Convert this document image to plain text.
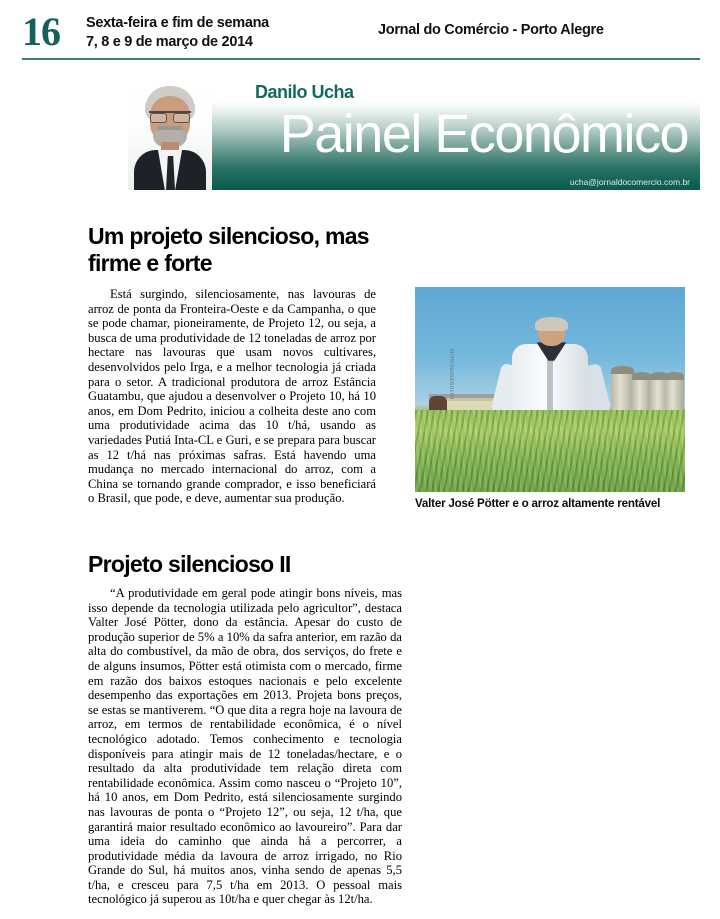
16	Sexta-feira e fim de semana
7, 8 e 9 de março de 2014
Jornal do Comércio - Porto Alegre
Danilo Ucha
Painel Econômico
ucha@jornaldocomercio.com.br
Um projeto silencioso, mas firme e forte
Está surgindo, silenciosamente, nas lavouras de arroz de ponta da Fronteira-Oeste e da Campanha, o que se pode chamar, pioneiramente, de Projeto 12, ou seja, a busca de uma produtividade de 12 toneladas de arroz por hectare nas lavouras que usam novos cultivares, desenvolvidos pelo Irga, e a melhor tecnologia já criada para o setor. A tradicional produtora de arroz Estância Guatambu, que ajudou a desenvolver o Projeto 10, há 10 anos, em Dom Pedrito, iniciou a colheita deste ano com uma produtividade acima das 10 t/há, usando as variedades Putiá Inta-CL e Guri, e se prepara para buscar as 12 t/há nas próximas safras. Está havendo uma mudança no mercado internacional do arroz, com a China se tornando grande comprador, e isso beneficiará o Brasil, que pode, e deve, aumentar sua produção.
FOTOS/ESPECIAL/JC
Valter José Pötter e o arroz altamente rentável
Projeto silencioso II
“A produtividade em geral pode atingir bons níveis, mas isso depende da tecnologia utilizada pelo agricultor”, destaca Valter José Pötter, dono da estância. Apesar do custo de produção superior de 5% a 10% da safra anterior, em razão da alta do combustível, da mão de obra, dos serviços, do frete e de alguns insumos, Pötter está otimista com o mercado, firme em razão dos baixos estoques nacionais e pelo excelente desempenho das exportações em 2013. Projeta bons preços, se estas se mantiverem. “O que dita a regra hoje na lavoura de arroz, em termos de rentabilidade econômica, é o nível tecnológico adotado. Temos conhecimento e tecnologia disponíveis para atingir mais de 12 toneladas/hectare, e o resultado da alta produtividade tem relação direta com rentabilidade econômica. Assim como nasceu o “Projeto 10”, há 10 anos, em Dom Pedrito, está silenciosamente surgindo nas lavouras de ponta o “Projeto 12”, ou seja, 12 t/ha, que garantirá maior resultado econômico ao lavoureiro”. Para dar uma ideia do caminho que ainda há a percorrer, a produtividade média da lavoura de arroz irrigado, no Rio Grande do Sul, há muitos anos, vinha sendo de apenas 5,5 t/ha, e cresceu para 7,5 t/ha em 2013. O pessoal mais tecnológico já superou as 10t/ha e quer chegar às 12t/ha.
